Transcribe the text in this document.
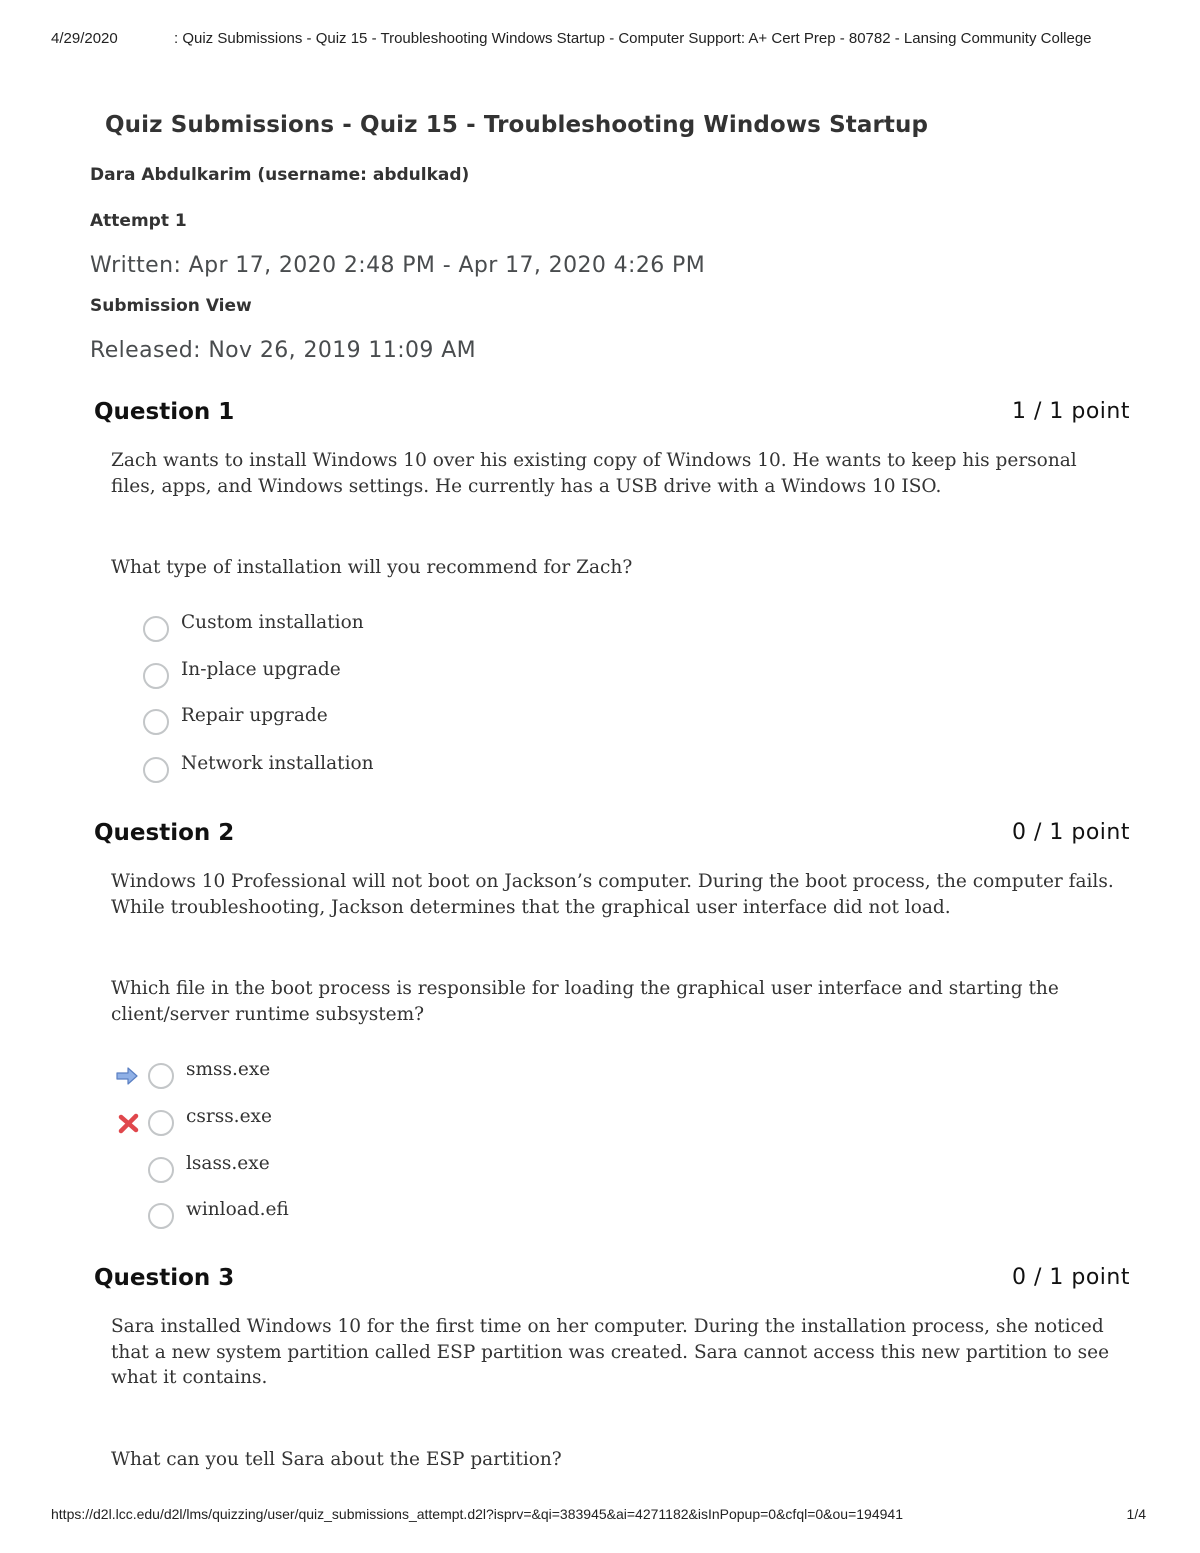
4/29/2020	: Quiz Submissions - Quiz 15 - Troubleshooting Windows Startup - Computer Support: A+ Cert Prep - 80782 - Lansing Community College
Quiz Submissions - Quiz 15 - Troubleshooting Windows Startup
Dara Abdulkarim (username: abdulkad)
Attempt 1
Written: Apr 17, 2020 2:48 PM - Apr 17, 2020 4:26 PM
Submission View
Released: Nov 26, 2019 11:09 AM
Question 1	1 / 1 point

Zach wants to install Windows 10 over his existing copy of Windows 10. He wants to keep his personal files, apps, and Windows settings. He currently has a USB drive with a Windows 10 ISO.

What type of installation will you recommend for Zach?

Custom installation
In-place upgrade
Repair upgrade
Network installation
Question 2	0 / 1 point

Windows 10 Professional will not boot on Jackson’s computer. During the boot process, the computer fails. While troubleshooting, Jackson determines that the graphical user interface did not load.

Which file in the boot process is responsible for loading the graphical user interface and starting the client/server runtime subsystem?

smss.exe
csrss.exe
lsass.exe
winload.efi
Question 3	0 / 1 point

Sara installed Windows 10 for the first time on her computer. During the installation process, she noticed that a new system partition called ESP partition was created. Sara cannot access this new partition to see what it contains.

What can you tell Sara about the ESP partition?

https://d2l.lcc.edu/d2l/lms/quizzing/user/quiz_submissions_attempt.d2l?isprv=&qi=383945&ai=4271182&isInPopup=0&cfql=0&ou=194941	1/4
